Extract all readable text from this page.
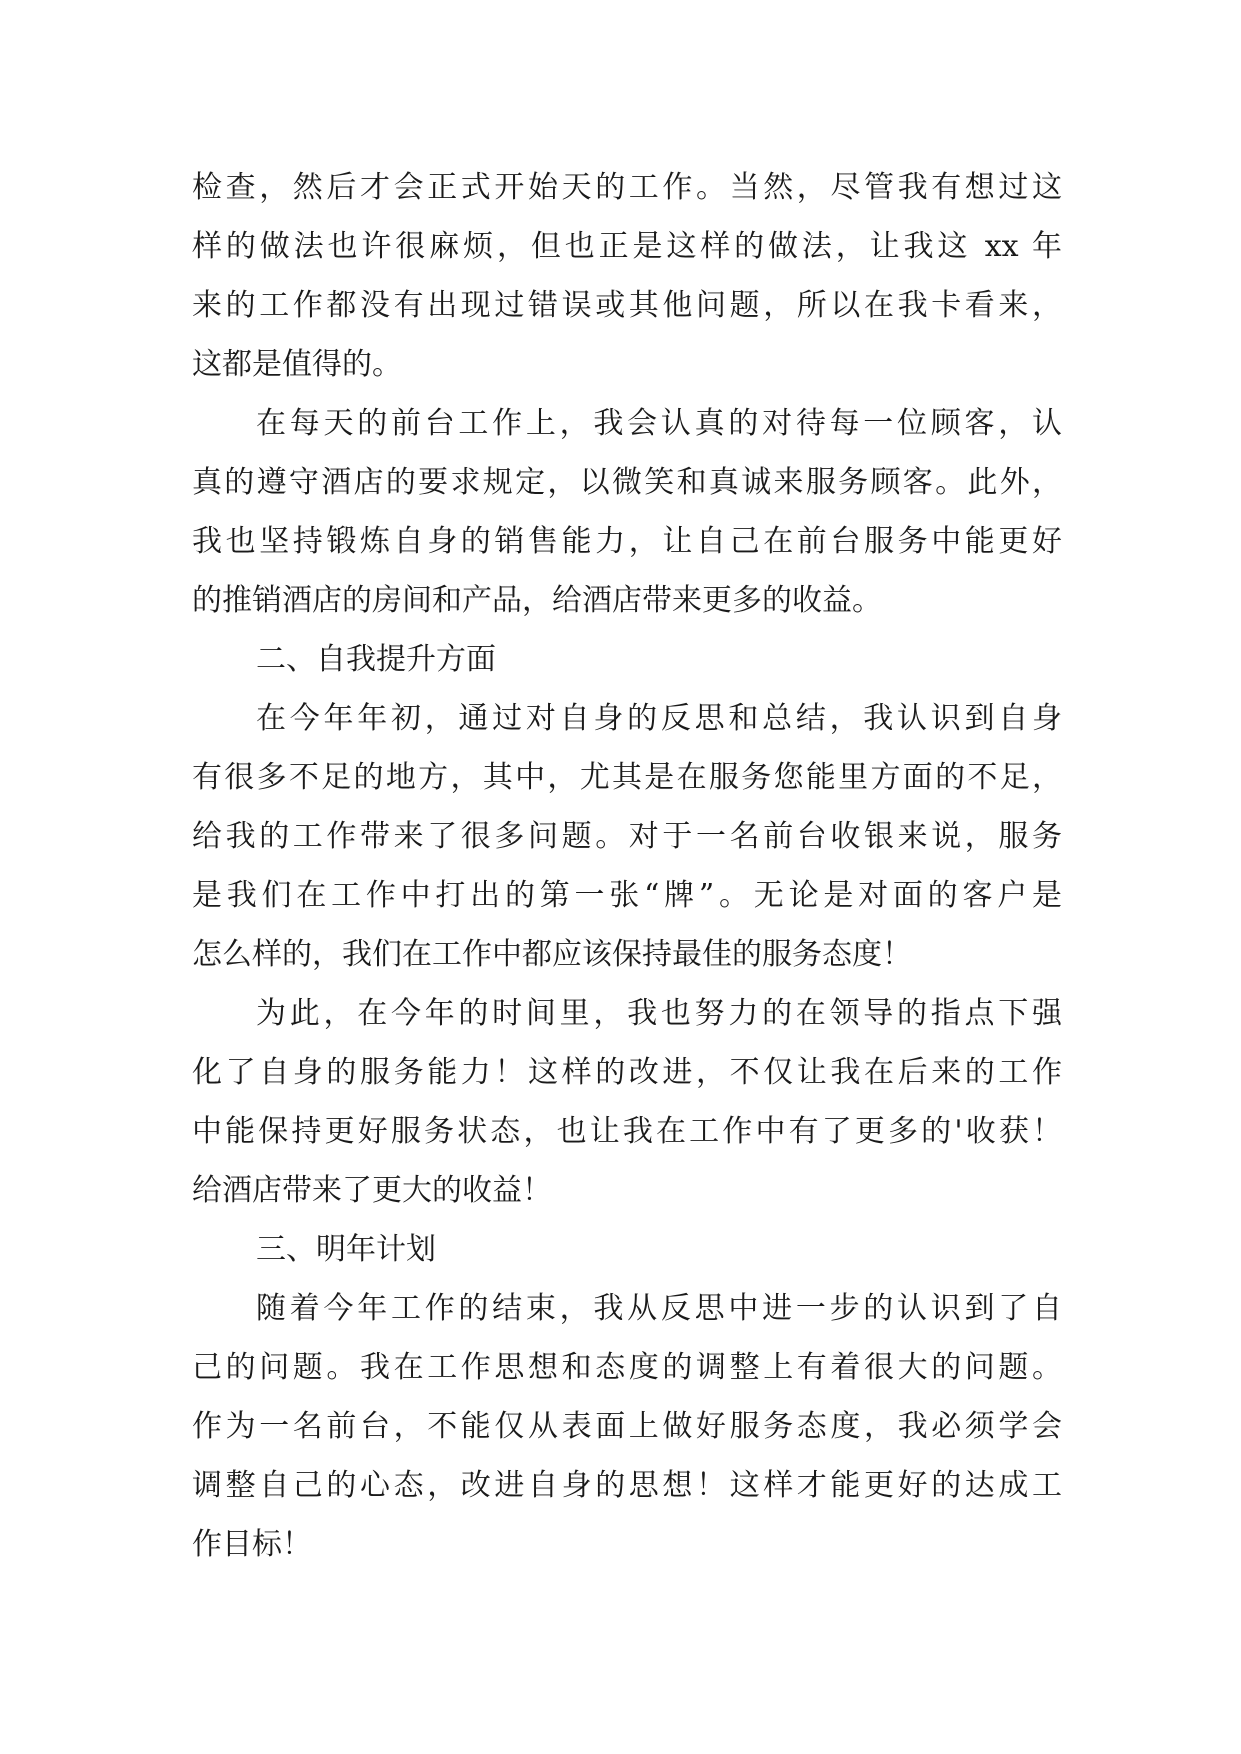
检查，然后才会正式开始天的工作。当然，尽管我有想过这
样的做法也许很麻烦，但也正是这样的做法，让我这 xx 年
来的工作都没有出现过错误或其他问题，所以在我卡看来，
这都是值得的。
在每天的前台工作上，我会认真的对待每一位顾客，认
真的遵守酒店的要求规定，以微笑和真诚来服务顾客。此外，
我也坚持锻炼自身的销售能力，让自己在前台服务中能更好
的推销酒店的房间和产品，给酒店带来更多的收益。
二、自我提升方面
在今年年初，通过对自身的反思和总结，我认识到自身
有很多不足的地方，其中，尤其是在服务您能里方面的不足，
给我的工作带来了很多问题。对于一名前台收银来说，服务
是我们在工作中打出的第一张“牌”。无论是对面的客户是
怎么样的，我们在工作中都应该保持最佳的服务态度！
为此，在今年的时间里，我也努力的在领导的指点下强
化了自身的服务能力！这样的改进，不仅让我在后来的工作
中能保持更好服务状态，也让我在工作中有了更多的'收获！
给酒店带来了更大的收益！
三、明年计划
随着今年工作的结束，我从反思中进一步的认识到了自
己的问题。我在工作思想和态度的调整上有着很大的问题。
作为一名前台，不能仅从表面上做好服务态度，我必须学会
调整自己的心态，改进自身的思想！这样才能更好的达成工
作目标！
